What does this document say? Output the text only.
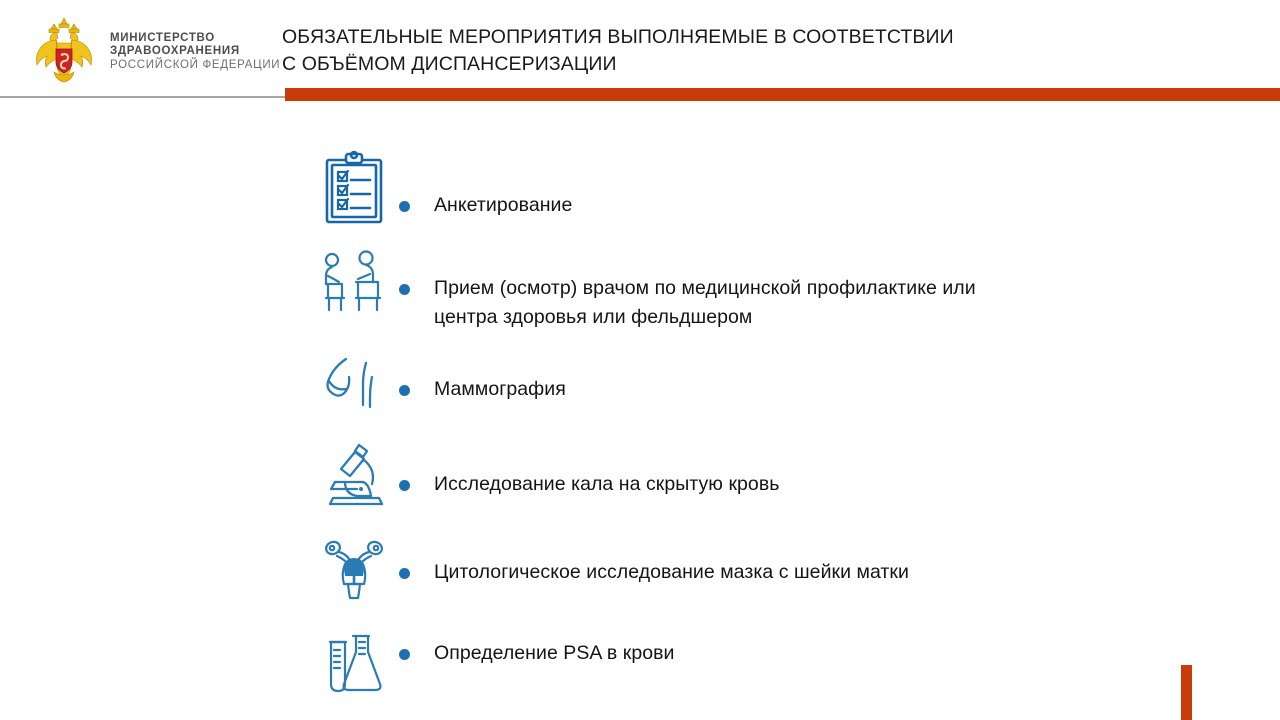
МИНИСТЕРСТВО
ЗДРАВООХРАНЕНИЯ
РОССИЙСКОЙ ФЕДЕРАЦИИ
ОБЯЗАТЕЛЬНЫЕ МЕРОПРИЯТИЯ ВЫПОЛНЯЕМЫЕ В СООТВЕТСТВИИ
С ОБЪЁМОМ ДИСПАНСЕРИЗАЦИИ
Анкетирование
Прием (осмотр) врачом по медицинской профилактике или
центра здоровья или фельдшером
Маммография
Исследование кала на скрытую кровь
Цитологическое исследование мазка с шейки матки
Определение PSA в крови
